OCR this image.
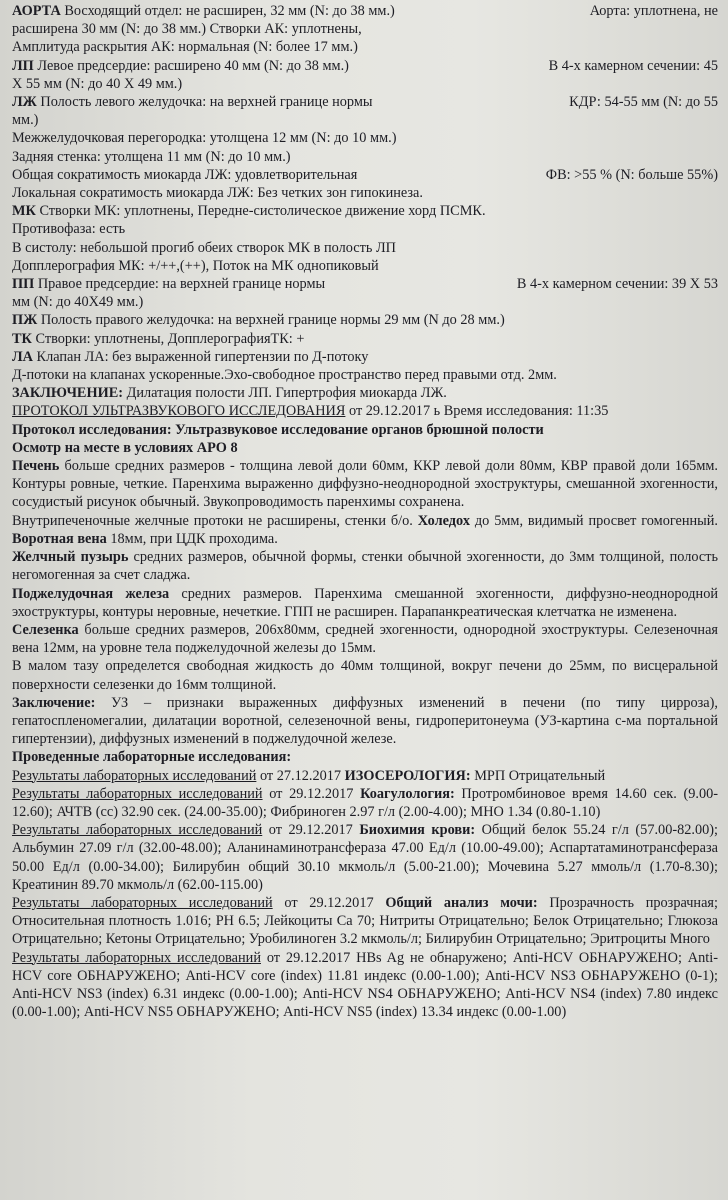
АОРТА Восходящий отдел: не расширен, 32 мм (N: до 38 мм.)	Аорта: уплотнена, не
расширена 30 мм (N: до 38 мм.) Створки АК: уплотнены,
Амплитуда раскрытия АК: нормальная (N: более 17 мм.)
ЛП Левое предсердие: расширено 40 мм (N: до 38 мм.)	В 4-х камерном сечении: 45
Х 55 мм (N: до 40 Х 49 мм.)
ЛЖ Полость левого желудочка: на верхней границе нормы	КДР: 54-55 мм (N: до 55
мм.)
Межжелудочковая перегородка: утолщена 12 мм (N: до 10 мм.)
Задняя стенка: утолщена 11 мм (N: до 10 мм.)
Общая сократимость миокарда ЛЖ: удовлетворительная	ФВ: >55 % (N: больше 55%)
Локальная сократимость миокарда ЛЖ: Без четких зон гипокинеза.
МК Створки МК: уплотнены, Передне-систолическое движение хорд ПСМК.
Противофаза: есть
В систолу: небольшой прогиб обеих створок МК в полость ЛП
Допплерография МК: +/++,(++), Поток на МК однопиковый
ПП Правое предсердие: на верхней границе нормы	В 4-х камерном сечении: 39 Х 53
мм (N: до 40Х49 мм.)
ПЖ Полость правого желудочка: на верхней границе нормы 29 мм (N до 28 мм.)
ТК Створки: уплотнены, ДопплерографияТК: +
ЛА Клапан ЛА: без выраженной гипертензии по Д-потоку
Д-потоки на клапанах ускоренные.Эхо-свободное пространство перед правыми отд. 2мм.
ЗАКЛЮЧЕНИЕ: Дилатация полости ЛП. Гипертрофия миокарда ЛЖ.
ПРОТОКОЛ УЛЬТРАЗВУКОВОГО ИССЛЕДОВАНИЯ от 29.12.2017 ь Время исследования: 11:35
Протокол исследования: Ультразвуковое исследование органов брюшной полости
Осмотр на месте в условиях АРО 8
Печень больше средних размеров - толщина левой доли 60мм, ККР левой доли 80мм, КВР правой доли 165мм. Контуры ровные, четкие. Паренхима выраженно диффузно-неоднородной эхоструктуры, смешанной эхогенности, сосудистый рисунок обычный. Звукопроводимость паренхимы сохранена.
Внутрипеченочные желчные протоки не расширены, стенки б/о. Холедох до 5мм, видимый просвет гомогенный. Воротная вена 18мм, при ЦДК проходима.
Желчный пузырь средних размеров, обычной формы, стенки обычной эхогенности, до 3мм толщиной, полость негомогенная за счет сладжа.
Поджелудочная железа средних размеров. Паренхима смешанной эхогенности, диффузно-неоднородной эхоструктуры, контуры неровные, нечеткие. ГПП не расширен. Парапанкреатическая клетчатка не изменена.
Селезенка больше средних размеров, 206х80мм, средней эхогенности, однородной эхоструктуры. Селезеночная вена 12мм, на уровне тела поджелудочной железы до 15мм.
В малом тазу определется свободная жидкость до 40мм толщиной, вокруг печени до 25мм, по висцеральной поверхности селезенки до 16мм толщиной.
Заключение: УЗ – признаки выраженных диффузных изменений в печени (по типу цирроза), гепатоспленомегалии, дилатации воротной, селезеночной вены, гидроперитонеума (УЗ-картина с-ма портальной гипертензии), диффузных изменений в поджелудочной железе.
Проведенные лабораторные исследования:
Результаты лабораторных исследований от 27.12.2017 ИЗОСЕРОЛОГИЯ: МРП Отрицательный
Результаты лабораторных исследований от 29.12.2017 Коагулология: Протромбиновое время 14.60 сек. (9.00-12.60); АЧТВ (сс) 32.90 сек. (24.00-35.00); Фибриноген 2.97 г/л (2.00-4.00); МНО 1.34 (0.80-1.10)
Результаты лабораторных исследований от 29.12.2017 Биохимия крови: Общий белок 55.24 г/л (57.00-82.00); Альбумин 27.09 г/л (32.00-48.00); Аланинаминотрансфераза 47.00 Ед/л (10.00-49.00); Аспартатаминотрансфераза 50.00 Ед/л (0.00-34.00); Билирубин общий 30.10 мкмоль/л (5.00-21.00); Мочевина 5.27 ммоль/л (1.70-8.30); Креатинин 89.70 мкмоль/л (62.00-115.00)
Результаты лабораторных исследований от 29.12.2017 Общий анализ мочи: Прозрачность прозрачная; Относительная плотность 1.016; PH 6.5; Лейкоциты Са 70; Нитриты Отрицательно; Белок Отрицательно; Глюкоза Отрицательно; Кетоны Отрицательно; Уробилиноген 3.2 мкмоль/л; Билирубин Отрицательно; Эритроциты Много
Результаты лабораторных исследований от 29.12.2017 HBs Ag не обнаружено; Anti-HCV ОБНАРУЖЕНО; Anti-HCV core ОБНАРУЖЕНО; Anti-HCV core (index) 11.81 индекс (0.00-1.00); Anti-HCV NS3 ОБНАРУЖЕНО (0-1); Anti-HCV NS3 (index) 6.31 индекс (0.00-1.00); Anti-HCV NS4 ОБНАРУЖЕНО; Anti-HCV NS4 (index) 7.80 индекс (0.00-1.00); Anti-HCV NS5 ОБНАРУЖЕНО; Anti-HCV NS5 (index) 13.34 индекс (0.00-1.00)
